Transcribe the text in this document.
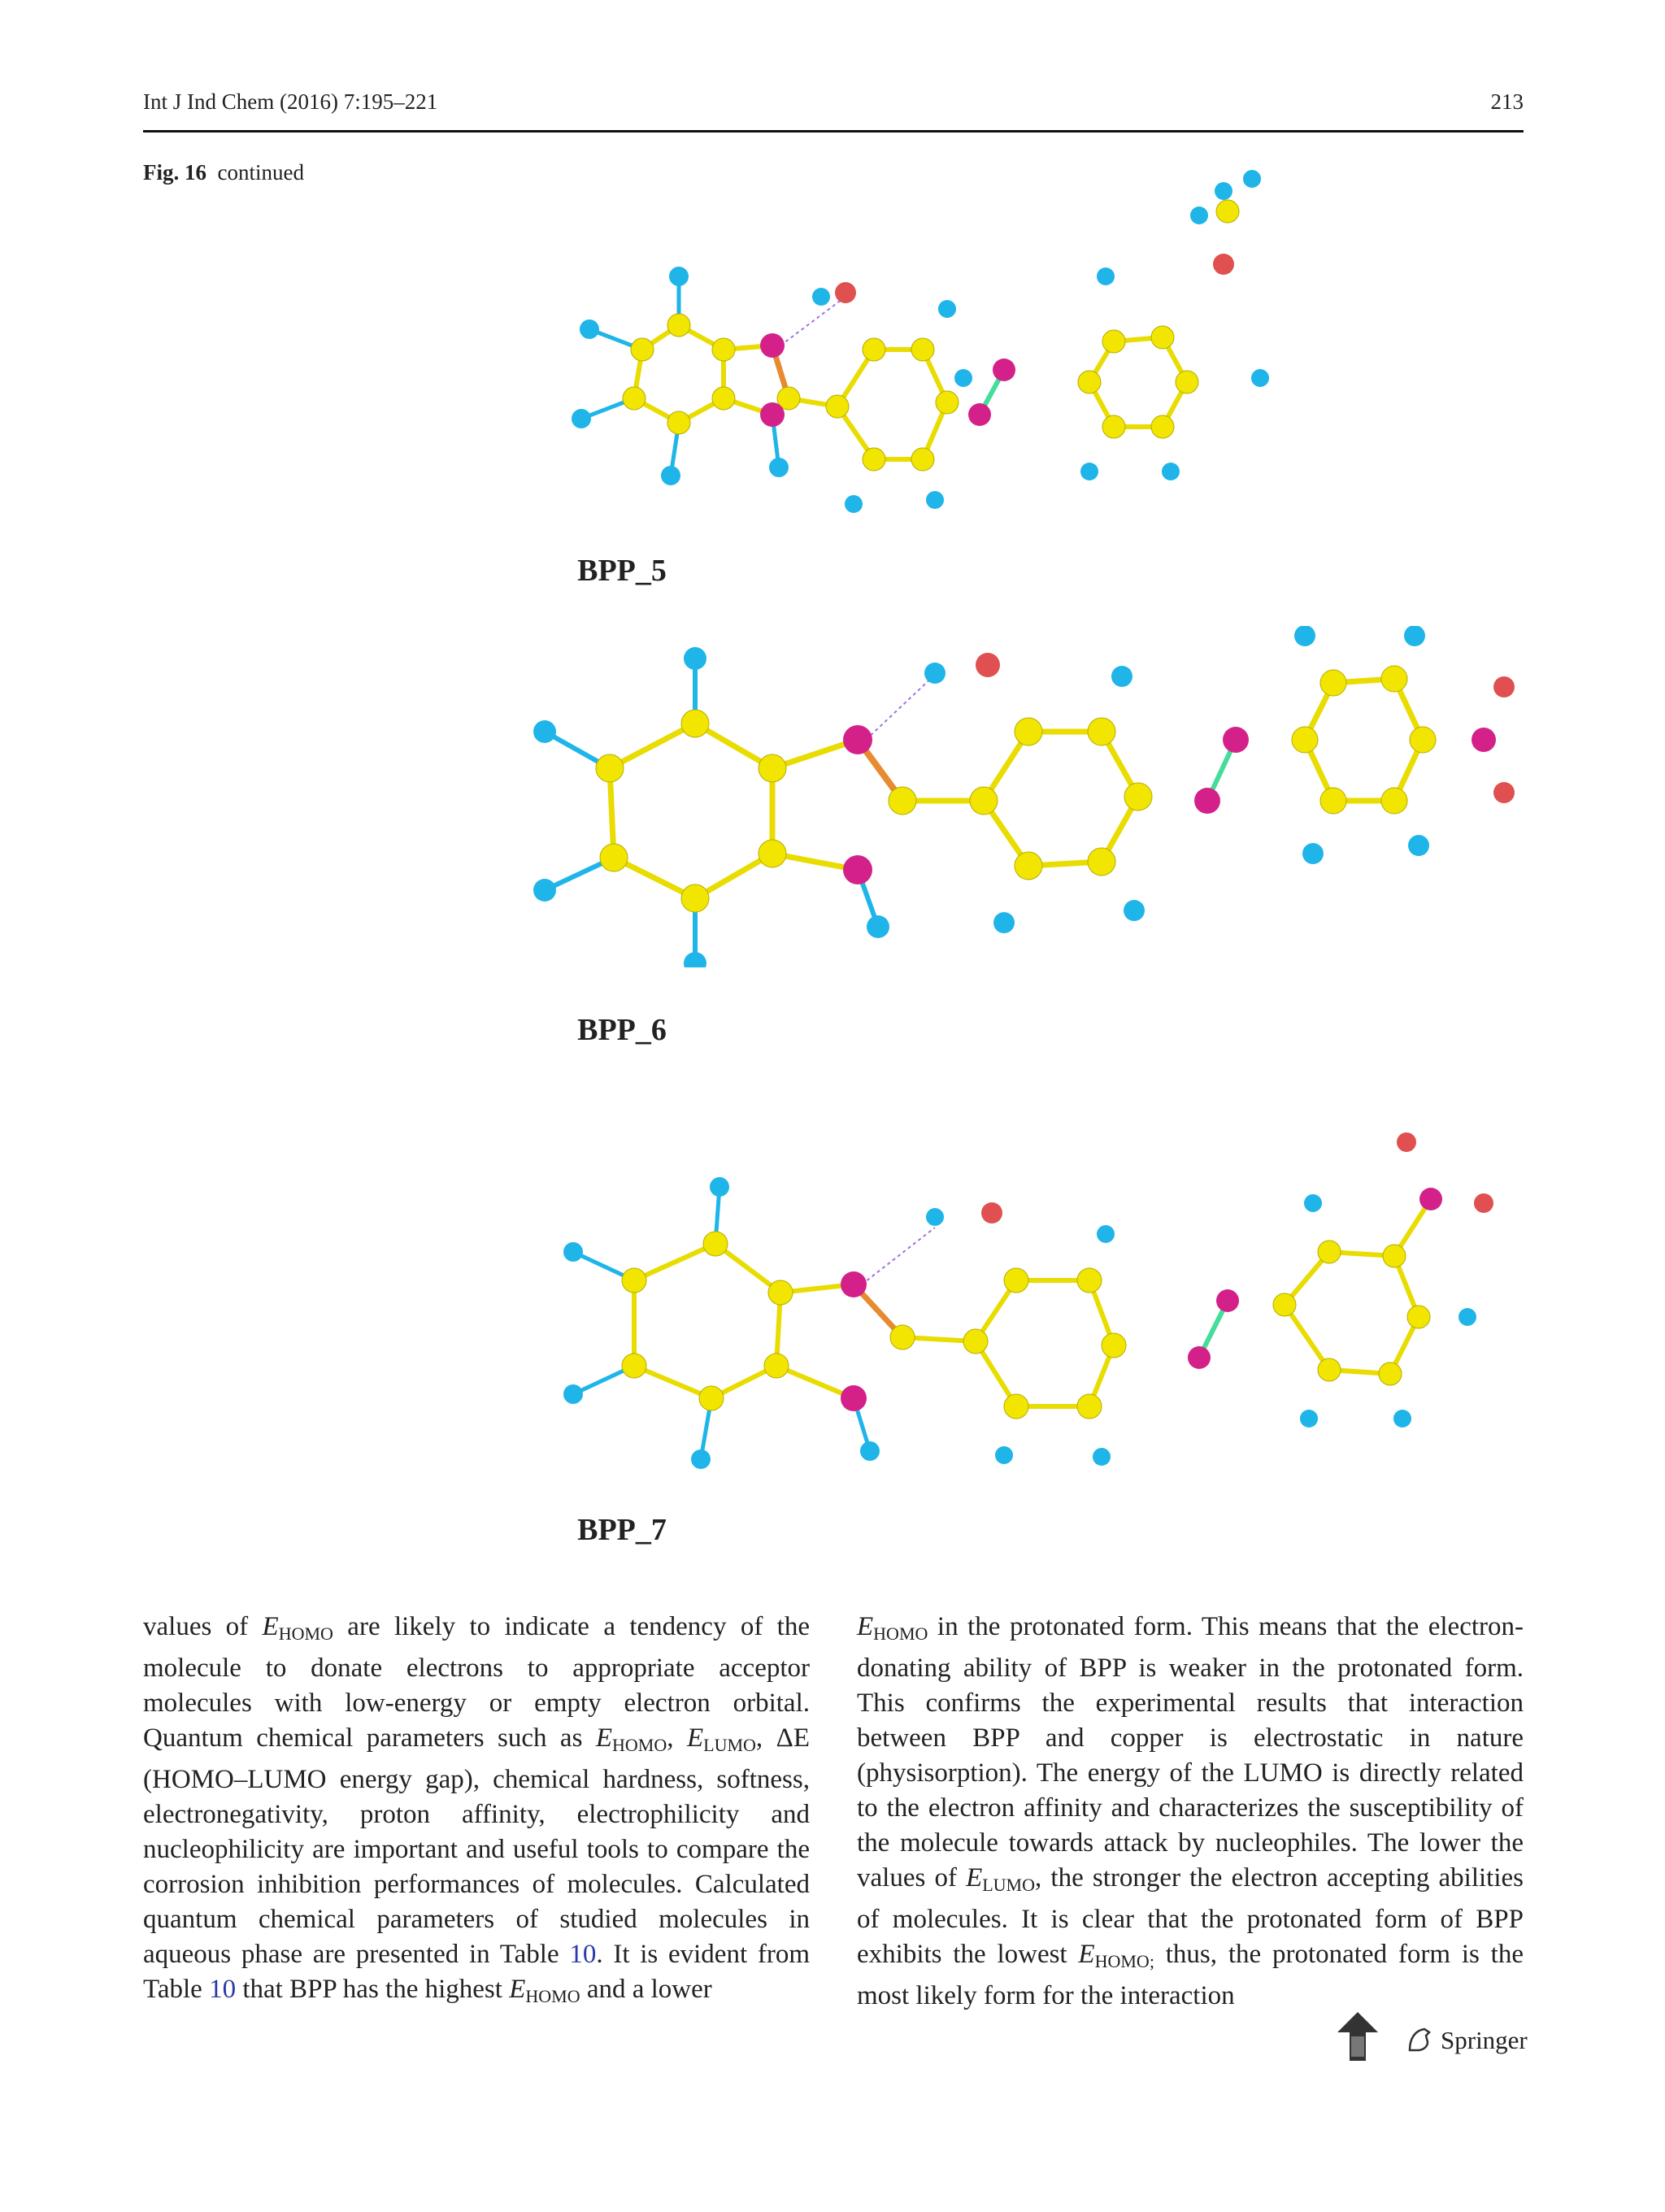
Int J Ind Chem (2016) 7:195–221	213
Fig. 16 continued
BPP_5
BPP_6
BPP_7
values of $E_{HOMO}$ are likely to indicate a tendency of the molecule to donate electrons to appropriate acceptor molecules with low-energy or empty electron orbital. Quantum chemical parameters such as $E_{HOMO}$, $E_{LUMO}$, ΔE (HOMO–LUMO energy gap), chemical hardness, softness, electronegativity, proton affinity, electrophilicity and nucleophilicity are important and useful tools to compare the corrosion inhibition performances of molecules. Calculated quantum chemical parameters of studied molecules in aqueous phase are presented in Table 10. It is evident from Table 10 that BPP has the highest $E_{HOMO}$ and a lower
$E_{HOMO}$ in the protonated form. This means that the electron-donating ability of BPP is weaker in the protonated form. This confirms the experimental results that interaction between BPP and copper is electrostatic in nature (physisorption). The energy of the LUMO is directly related to the electron affinity and characterizes the susceptibility of the molecule towards attack by nucleophiles. The lower the values of $E_{LUMO}$, the stronger the electron accepting abilities of molecules. It is clear that the protonated form of BPP exhibits the lowest $E_{HOMO;}$ thus, the protonated form is the most likely form for the interaction
Springer
